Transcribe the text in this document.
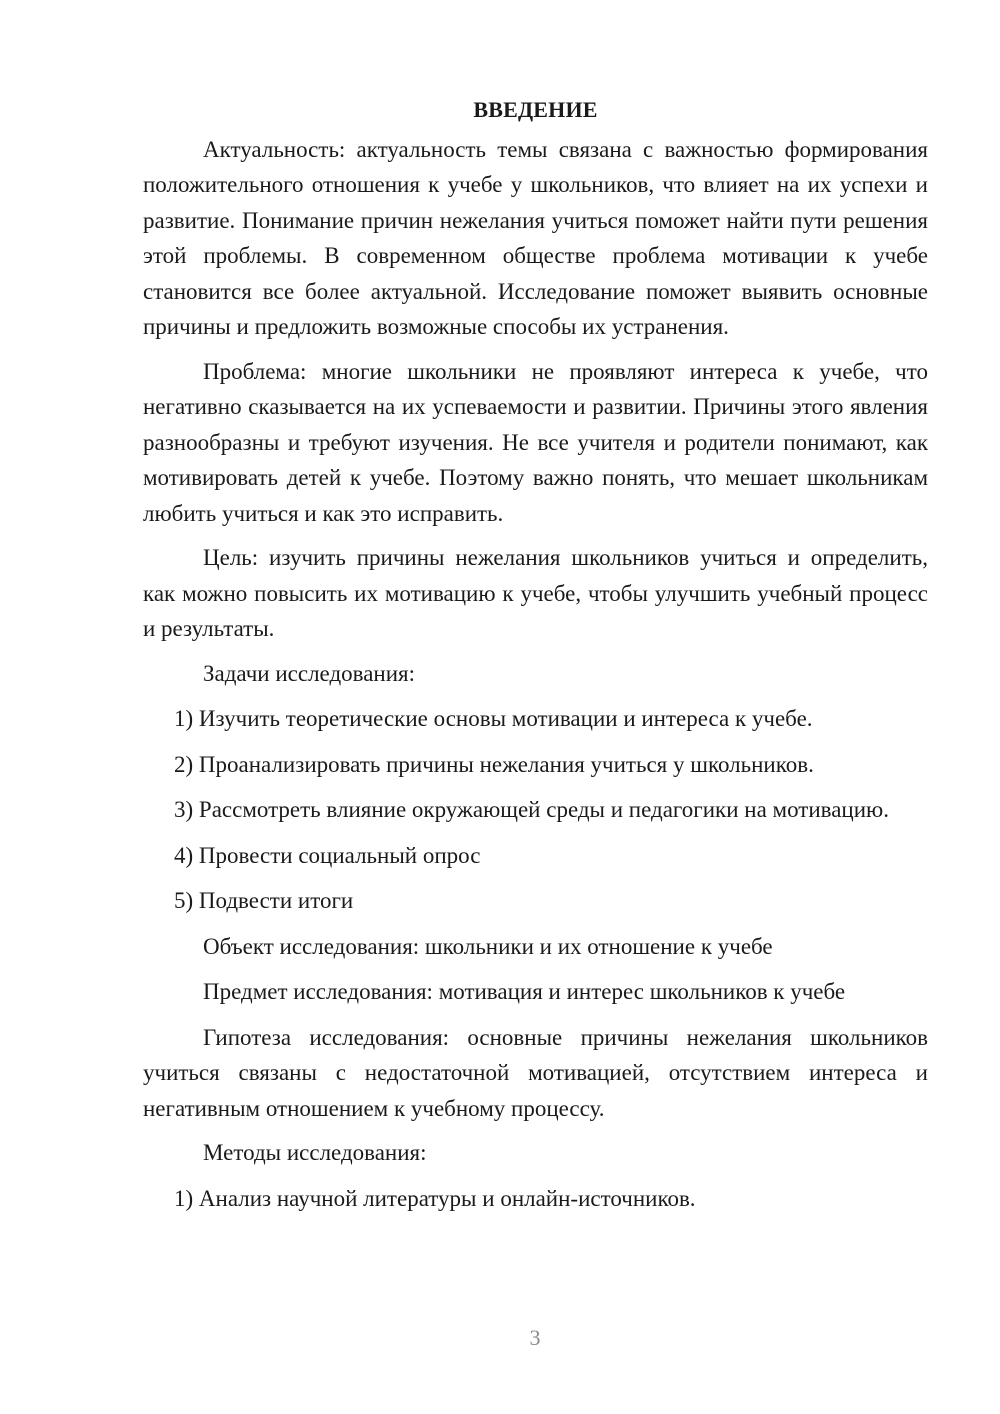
ВВЕДЕНИЕ
Актуальность: актуальность темы связана с важностью формирования положительного отношения к учебе у школьников, что влияет на их успехи и развитие. Понимание причин нежелания учиться поможет найти пути решения этой проблемы. В современном обществе проблема мотивации к учебе становится все более актуальной. Исследование поможет выявить основные причины и предложить возможные способы их устранения.
Проблема: многие школьники не проявляют интереса к учебе, что негативно сказывается на их успеваемости и развитии. Причины этого явления разнообразны и требуют изучения. Не все учителя и родители понимают, как мотивировать детей к учебе. Поэтому важно понять, что мешает школьникам любить учиться и как это исправить.
Цель: изучить причины нежелания школьников учиться и определить, как можно повысить их мотивацию к учебе, чтобы улучшить учебный процесс и результаты.
Задачи исследования:
1) Изучить теоретические основы мотивации и интереса к учебе.
2) Проанализировать причины нежелания учиться у школьников.
3) Рассмотреть влияние окружающей среды и педагогики на мотивацию.
4) Провести социальный опрос
5) Подвести итоги
Объект исследования: школьники и их отношение к учебе
Предмет исследования: мотивация и интерес школьников к учебе
Гипотеза исследования: основные причины нежелания школьников учиться связаны с недостаточной мотивацией, отсутствием интереса и негативным отношением к учебному процессу.
Методы исследования:
1) Анализ научной литературы и онлайн-источников.
3
